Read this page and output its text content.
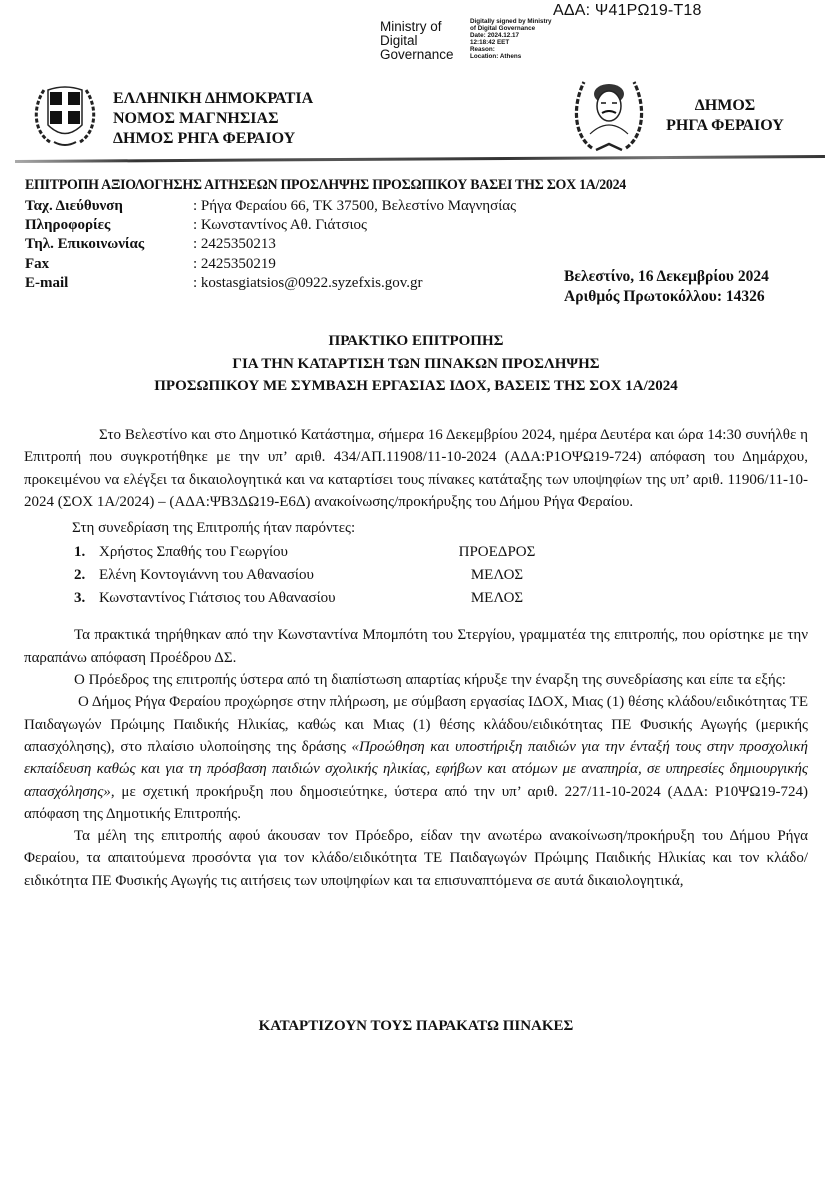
ΑΔΑ: Ψ41ΡΩ19-Τ18
Ministry of
Digital
Governance
Digitally signed by Ministry
of Digital Governance
Date: 2024.12.17
12:18:42 EET
Reason:
Location: Athens
ΕΛΛΗΝΙΚΗ ΔΗΜΟΚΡΑΤΙΑ
ΝΟΜΟΣ ΜΑΓΝΗΣΙΑΣ
ΔΗΜΟΣ ΡΗΓΑ ΦΕΡΑΙΟΥ
ΔΗΜΟΣ
ΡΗΓΑ ΦΕΡΑΙΟΥ
ΕΠΙΤΡΟΠΗ ΑΞΙΟΛΟΓΗΣΗΣ ΑΙΤΗΣΕΩΝ ΠΡΟΣΛΗΨΗΣ ΠΡΟΣΩΠΙΚΟΥ ΒΑΣΕΙ ΤΗΣ ΣΟΧ 1Α/2024
Ταχ. Διεύθυνση	: Ρήγα Φεραίου 66, ΤΚ 37500, Βελεστίνο Μαγνησίας
Πληροφορίες	: Κωνσταντίνος Αθ. Γιάτσιος
Τηλ. Επικοινωνίας	: 2425350213
Fax	: 2425350219
E-mail	: kostasgiatsios@0922.syzefxis.gov.gr	Βελεστίνο, 16 Δεκεμβρίου 2024
Αριθμός Πρωτοκόλλου: 14326
ΠΡΑΚΤΙΚΟ ΕΠΙΤΡΟΠΗΣ
ΓΙΑ ΤΗΝ ΚΑΤΑΡΤΙΣΗ ΤΩΝ ΠΙΝΑΚΩΝ ΠΡΟΣΛΗΨΗΣ
ΠΡΟΣΩΠΙΚΟΥ ΜΕ ΣΥΜΒΑΣΗ ΕΡΓΑΣΙΑΣ ΙΔΟΧ, ΒΑΣΕΙΣ ΤΗΣ ΣΟΧ 1Α/2024

Στο Βελεστίνο και στο Δημοτικό Κατάστημα, σήμερα 16 Δεκεμβρίου 2024, ημέρα Δευτέρα και ώρα 14:30 συνήλθε η Επιτροπή που συγκροτήθηκε με την υπ’ αριθ. 434/ΑΠ.11908/11-10-2024 (ΑΔΑ:Ρ1ΟΨΩ19-724) απόφαση του Δημάρχου, προκειμένου να ελέγξει τα δικαιολογητικά και να καταρτίσει τους πίνακες κατάταξης των υποψηφίων της υπ’ αριθ. 11906/11-10-2024 (ΣΟΧ 1Α/2024) – (ΑΔΑ:ΨΒ3ΔΩ19-Ε6Δ) ανακοίνωσης/προκήρυξης του Δήμου Ρήγα Φεραίου.

Στη συνεδρίαση της Επιτροπής ήταν παρόντες:

1. Χρήστος Σπαθής του Γεωργίου	ΠΡΟΕΔΡΟΣ
2. Ελένη Κοντογιάννη του Αθανασίου	ΜΕΛΟΣ
3. Κωνσταντίνος Γιάτσιος του Αθανασίου	ΜΕΛΟΣ

Τα πρακτικά τηρήθηκαν από την Κωνσταντίνα Μπομπότη του Στεργίου, γραμματέα της επιτροπής, που ορίστηκε με την παραπάνω απόφαση Προέδρου ΔΣ.

Ο Πρόεδρος της επιτροπής ύστερα από τη διαπίστωση απαρτίας κήρυξε την έναρξη της συνεδρίασης και είπε τα εξής:

Ο Δήμος Ρήγα Φεραίου προχώρησε στην πλήρωση, με σύμβαση εργασίας ΙΔΟΧ, Μιας (1) θέσης κλάδου/ειδικότητας ΤΕ Παιδαγωγών Πρώιμης Παιδικής Ηλικίας, καθώς και Μιας (1) θέσης κλάδου/ειδικότητας ΠΕ Φυσικής Αγωγής (μερικής απασχόλησης), στο πλαίσιο υλοποίησης της δράσης «Προώθηση και υποστήριξη παιδιών για την ένταξή τους στην προσχολική εκπαίδευση καθώς και για τη πρόσβαση παιδιών σχολικής ηλικίας, εφήβων και ατόμων με αναπηρία, σε υπηρεσίες δημιουργικής απασχόλησης», με σχετική προκήρυξη που δημοσιεύτηκε, ύστερα από την υπ’ αριθ. 227/11-10-2024 (ΑΔΑ: Ρ10ΨΩ19-724) απόφαση της Δημοτικής Επιτροπής.

Τα μέλη της επιτροπής αφού άκουσαν τον Πρόεδρο, είδαν την ανωτέρω ανακοίνωση/προκήρυξη του Δήμου Ρήγα Φεραίου, τα απαιτούμενα προσόντα για τον κλάδο/ειδικότητα ΤΕ Παιδαγωγών Πρώιμης Παιδικής Ηλικίας και τον κλάδο/ειδικότητα ΠΕ Φυσικής Αγωγής τις αιτήσεις των υποψηφίων και τα επισυναπτόμενα σε αυτά δικαιολογητικά,

ΚΑΤΑΡΤΙΖΟΥΝ ΤΟΥΣ ΠΑΡΑΚΑΤΩ ΠΙΝΑΚΕΣ
